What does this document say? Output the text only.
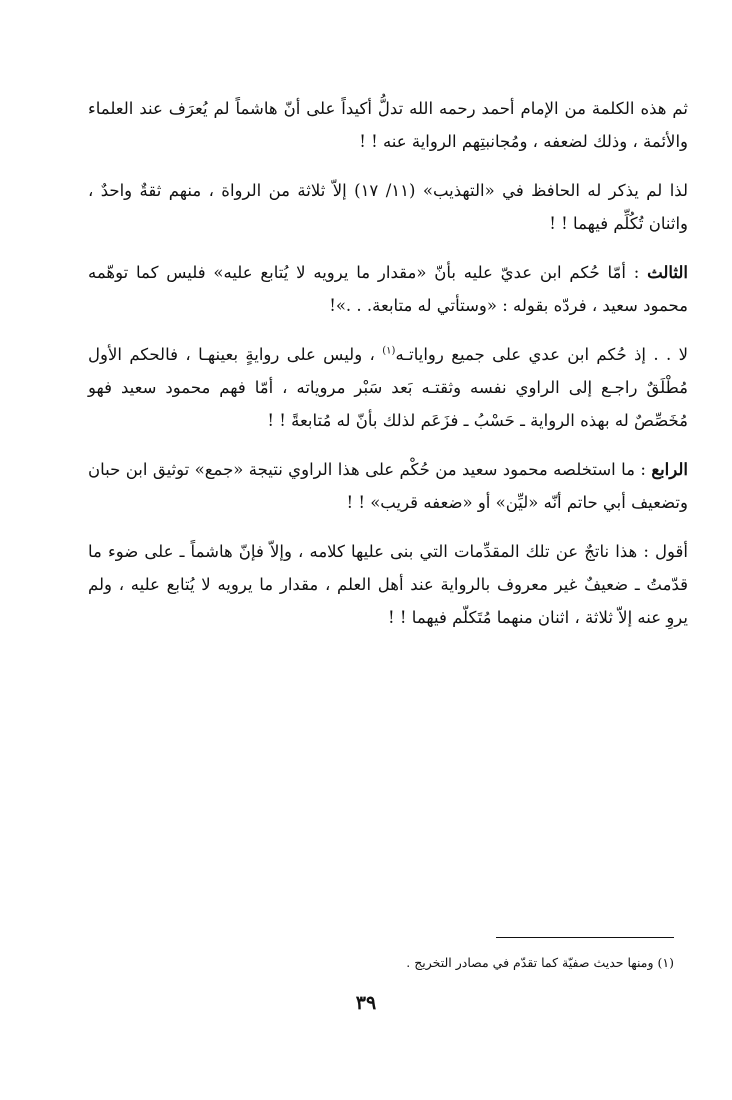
ثم هذه الكلمة من الإمام أحمد رحمه الله تدلُّ أكيداً على أنّ هاشماً لم يُعرَف عند العلماء والأئمة ، وذلك لضعفه ، ومُجانبتِهم الرواية عنه ! !

لذا لم يذكر له الحافظ في «التهذيب» (١١/ ١٧) إلاّ ثلاثة من الرواة ، منهم ثقةٌ واحدٌ ، واثنان تُكُلِّم فيهما ! !

الثالث : أمّا حُكم ابن عديّ عليه بأنّ «مقدار ما يرويه لا يُتابع عليه» فليس كما توهّمه محمود سعيد ، فردّه بقوله : «وستأتي له متابعة. . .»!

لا . . إذ حُكم ابن عدي على جميع رواياتـه$^{(١)}$ ، وليس على روايةٍ بعينهـا ، فالحكم الأول مُطْلَقٌ راجـع إلى الراوي نفسه وثقتـه بَعد سَبْر مروياته ، أمّا فهم محمود سعيد فهو مُخَصِّصٌ له بهذه الرواية ـ حَسْبُ ـ فزَعَم لذلك بأنّ له مُتابعةً ! !

الرابع : ما استخلصه محمود سعيد من حُكْم على هذا الراوي نتيجة «جمع» توثيق ابن حبان وتضعيف أبي حاتم أنّه «ليِّن» أو «ضعفه قريب» ! !

أقول : هذا ناتجٌ عن تلك المقدِّمات التي بنى عليها كلامه ، وإلاّ فإنّ هاشماً ـ على ضوء ما قدّمتُ ـ ضعيفٌ غير معروف بالرواية عند أهل العلم ، مقدار ما يرويه لا يُتابع عليه ، ولم يروِ عنه إلاّ ثلاثة ، اثنان منهما مُتَكلّم فيهما ! !

(١) ومنها حديث صفيّة كما تقدّم في مصادر التخريج .
٣٩
